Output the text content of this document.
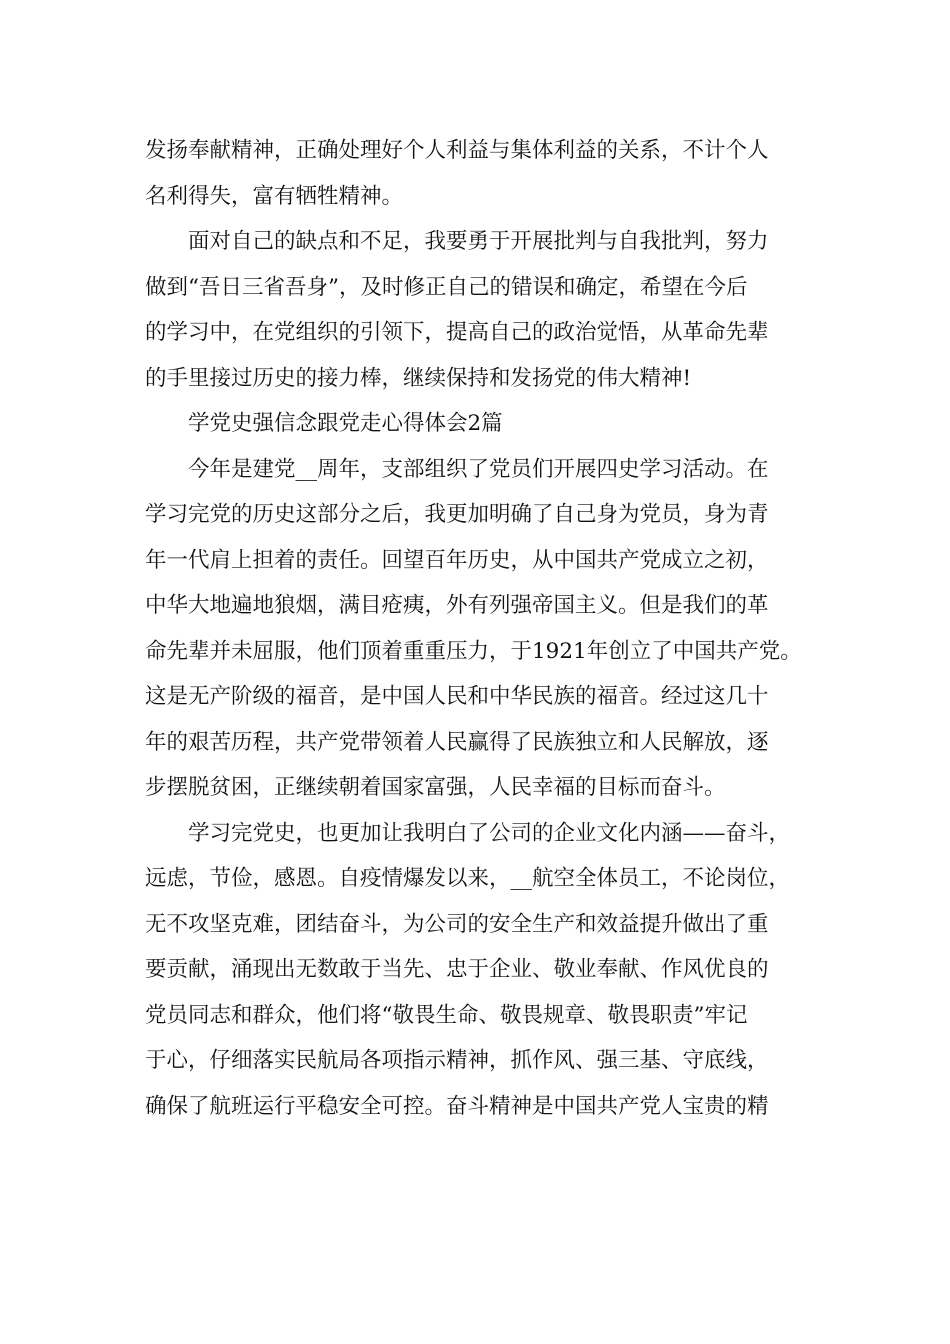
发扬奉献精神，正确处理好个人利益与集体利益的关系，不计个人
名利得失，富有牺牲精神。
面对自己的缺点和不足，我要勇于开展批判与自我批判，努力
做到“吾日三省吾身”，及时修正自己的错误和确定，希望在今后
的学习中，在党组织的引领下，提高自己的政治觉悟，从革命先辈
的手里接过历史的接力棒，继续保持和发扬党的伟大精神!
学党史强信念跟党走心得体会2篇
今年是建党__周年，支部组织了党员们开展四史学习活动。在
学习完党的历史这部分之后，我更加明确了自己身为党员，身为青
年一代肩上担着的责任。回望百年历史，从中国共产党成立之初，
中华大地遍地狼烟，满目疮痍，外有列强帝国主义。但是我们的革
命先辈并未屈服，他们顶着重重压力，于1921年创立了中国共产党。
这是无产阶级的福音，是中国人民和中华民族的福音。经过这几十
年的艰苦历程，共产党带领着人民赢得了民族独立和人民解放，逐
步摆脱贫困，正继续朝着国家富强，人民幸福的目标而奋斗。
学习完党史，也更加让我明白了公司的企业文化内涵——奋斗，
远虑，节俭，感恩。自疫情爆发以来，__航空全体员工，不论岗位，
无不攻坚克难，团结奋斗，为公司的安全生产和效益提升做出了重
要贡献，涌现出无数敢于当先、忠于企业、敬业奉献、作风优良的
党员同志和群众，他们将“敬畏生命、敬畏规章、敬畏职责”牢记
于心，仔细落实民航局各项指示精神，抓作风、强三基、守底线，
确保了航班运行平稳安全可控。奋斗精神是中国共产党人宝贵的精
